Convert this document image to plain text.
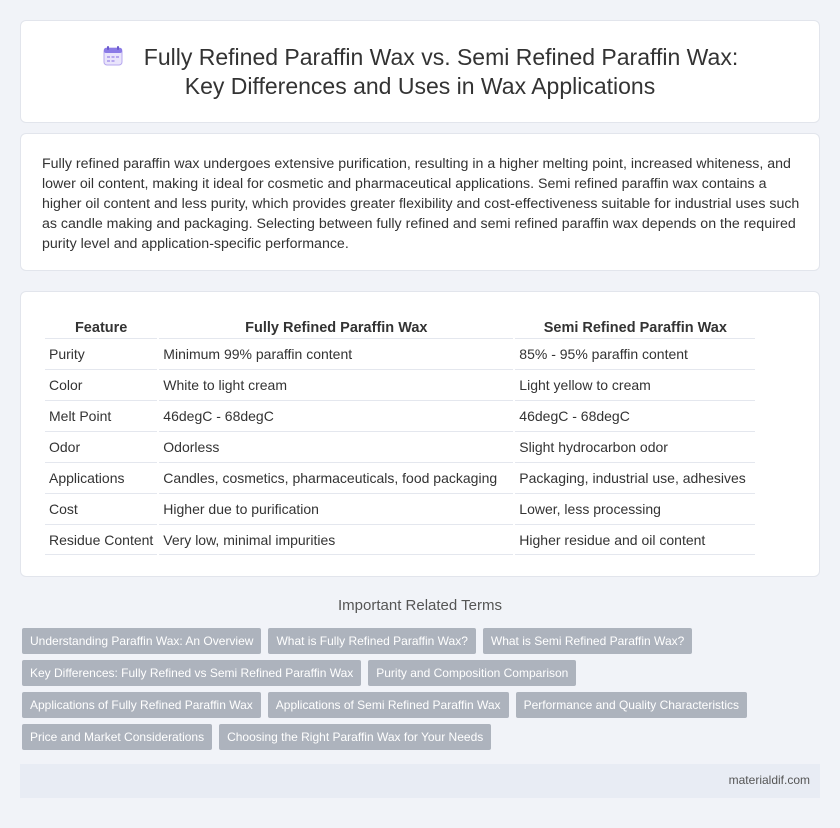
Fully Refined Paraffin Wax vs. Semi Refined Paraffin Wax: Key Differences and Uses in Wax Applications

Fully refined paraffin wax undergoes extensive purification, resulting in a higher melting point, increased whiteness, and lower oil content, making it ideal for cosmetic and pharmaceutical applications. Semi refined paraffin wax contains a higher oil content and less purity, which provides greater flexibility and cost-effectiveness suitable for industrial uses such as candle making and packaging. Selecting between fully refined and semi refined paraffin wax depends on the required purity level and application-specific performance.

Feature	Fully Refined Paraffin Wax	Semi Refined Paraffin Wax
Purity	Minimum 99% paraffin content	85% - 95% paraffin content
Color	White to light cream	Light yellow to cream
Melt Point	46degC - 68degC	46degC - 68degC
Odor	Odorless	Slight hydrocarbon odor
Applications	Candles, cosmetics, pharmaceuticals, food packaging	Packaging, industrial use, adhesives
Cost	Higher due to purification	Lower, less processing
Residue Content	Very low, minimal impurities	Higher residue and oil content
Important Related Terms
Understanding Paraffin Wax: An Overview	What is Fully Refined Paraffin Wax?	What is Semi Refined Paraffin Wax?
Key Differences: Fully Refined vs Semi Refined Paraffin Wax	Purity and Composition Comparison
Applications of Fully Refined Paraffin Wax	Applications of Semi Refined Paraffin Wax	Performance and Quality Characteristics
Price and Market Considerations	Choosing the Right Paraffin Wax for Your Needs
materialdif.com
